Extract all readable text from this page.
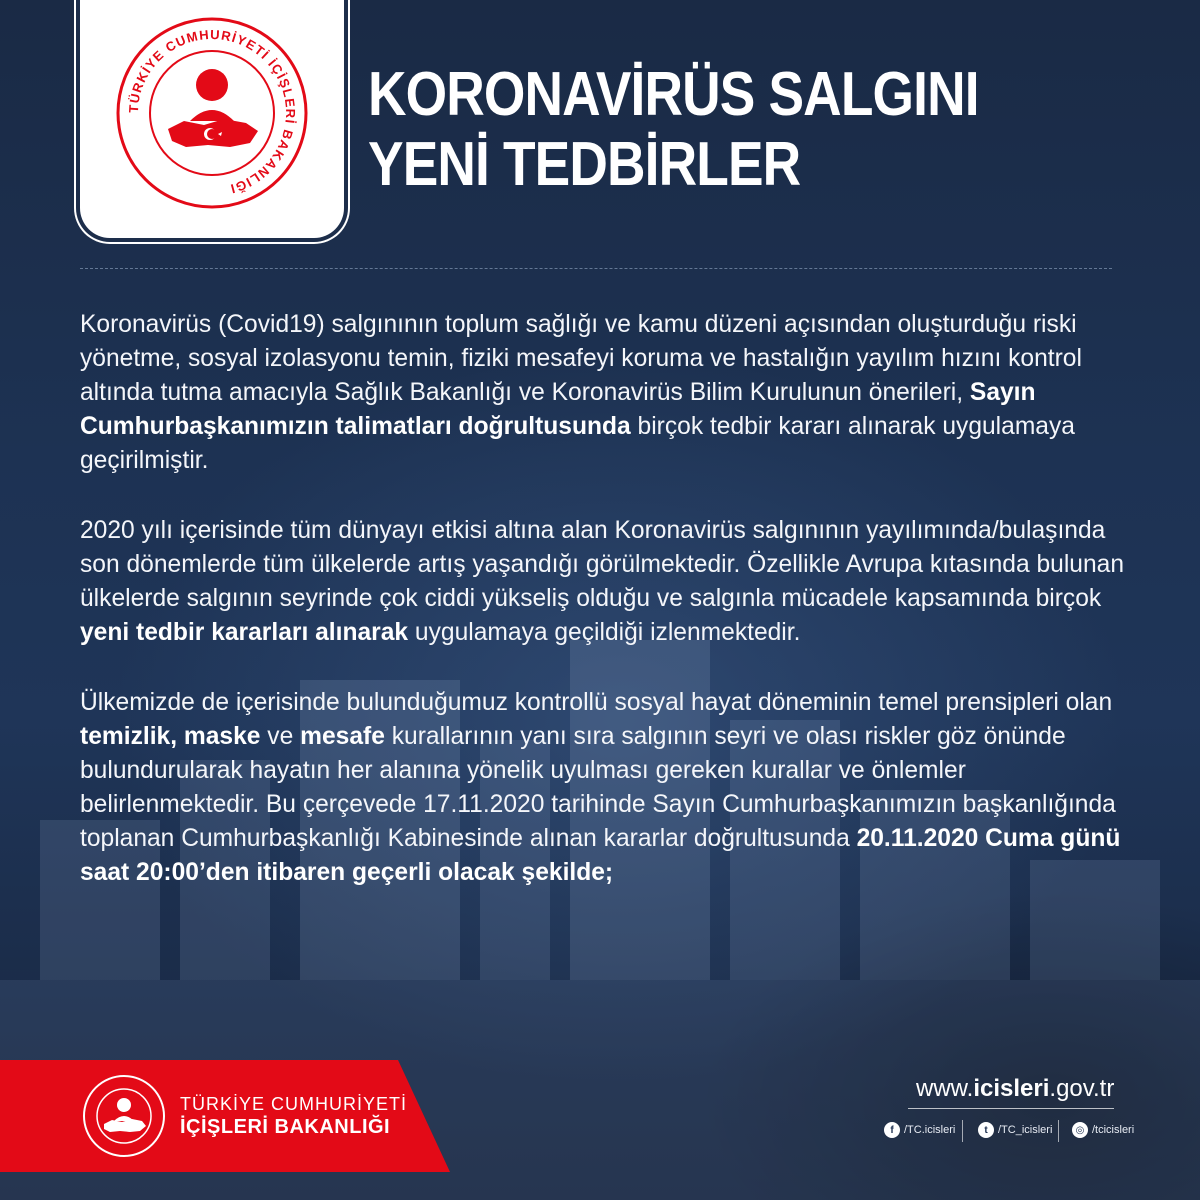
TÜRKİYE CUMHURİYETİ İÇİŞLERİ BAKANLIĞI
KORONAVİRÜS SALGINI
YENİ TEDBİRLER

Koronavirüs (Covid19) salgınının toplum sağlığı ve kamu düzeni açısından oluşturduğu riski yönetme, sosyal izolasyonu temin, fiziki mesafeyi koruma ve hastalığın yayılım hızını kontrol altında tutma amacıyla Sağlık Bakanlığı ve Koronavirüs Bilim Kurulunun önerileri, Sayın Cumhurbaşkanımızın talimatları doğrultusunda birçok tedbir kararı alınarak uygulamaya geçirilmiştir.

2020 yılı içerisinde tüm dünyayı etkisi altına alan Koronavirüs salgınının yayılımında/bulaşında son dönemlerde tüm ülkelerde artış yaşandığı görülmektedir. Özellikle Avrupa kıtasında bulunan ülkelerde salgının seyrinde çok ciddi yükseliş olduğu ve salgınla mücadele kapsamında birçok yeni tedbir kararları alınarak uygulamaya geçildiği izlenmektedir.

Ülkemizde de içerisinde bulunduğumuz kontrollü sosyal hayat döneminin temel prensipleri olan temizlik, maske ve mesafe kurallarının yanı sıra salgının seyri ve olası riskler göz önünde bulundurularak hayatın her alanına yönelik uyulması gereken kurallar ve önlemler belirlenmektedir. Bu çerçevede 17.11.2020 tarihinde Sayın Cumhurbaşkanımızın başkanlığında toplanan Cumhurbaşkanlığı Kabinesinde alınan kararlar doğrultusunda 20.11.2020 Cuma günü saat 20:00’den itibaren geçerli olacak şekilde;

TÜRKİYE CUMHURİYETİ
İÇİŞLERİ BAKANLIĞI
www.icisleri.gov.tr
f /TC.icisleri	t /TC_icisleri	◎ /tcicisleri
